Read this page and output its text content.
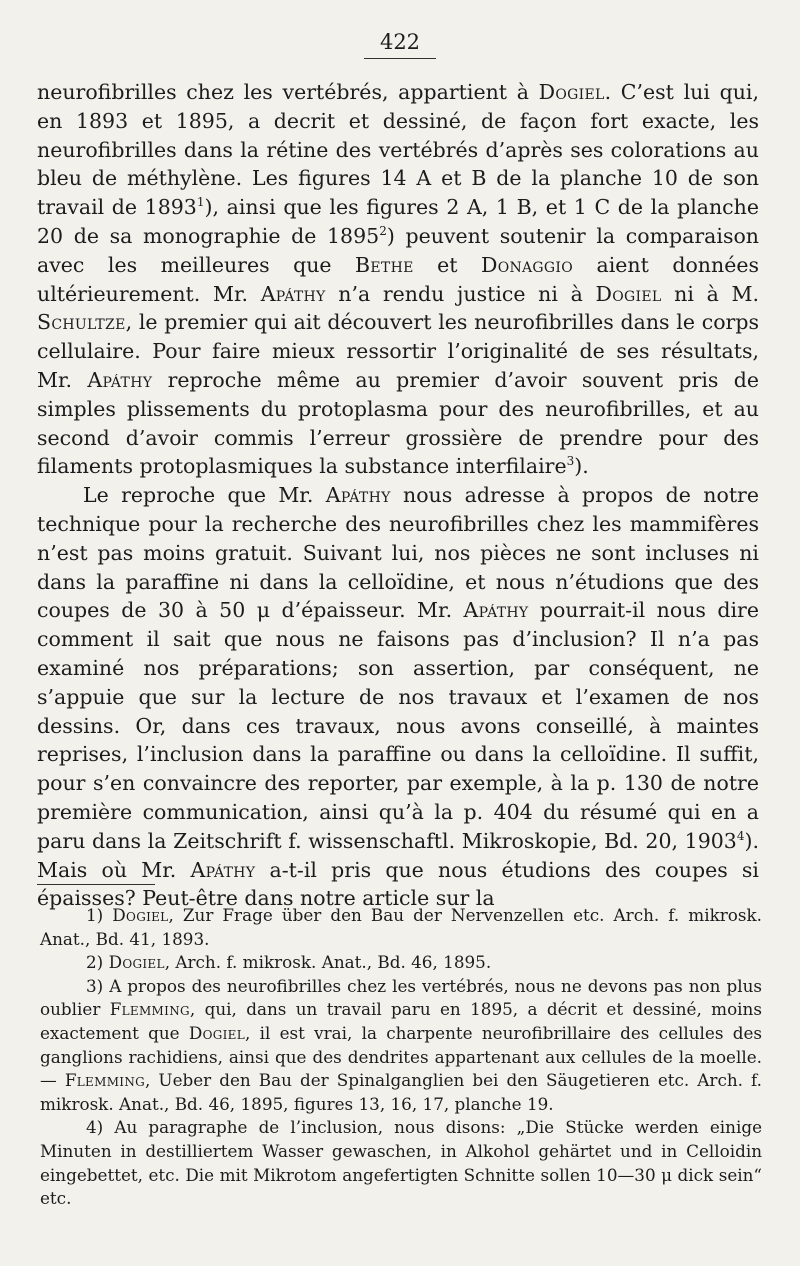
422

neurofibrilles chez les vertébrés, appartient à Dogiel. C’est lui qui, en 1893 et 1895, a decrit et dessiné, de façon fort exacte, les neurofibrilles dans la rétine des vertébrés d’après ses colorations au bleu de méthylène. Les figures 14 A et B de la planche 10 de son travail de 1893$^1$), ainsi que les figures 2 A, 1 B, et 1 C de la planche 20 de sa monographie de 1895$^2$) peuvent soutenir la comparaison avec les meilleures que Bethe et Donaggio aient données ultérieurement. Mr. Apáthy n’a rendu justice ni à Dogiel ni à M. Schultze, le premier qui ait découvert les neurofibrilles dans le corps cellulaire. Pour faire mieux ressortir l’originalité de ses résultats, Mr. Apáthy reproche même au premier d’avoir souvent pris de simples plissements du protoplasma pour des neurofibrilles, et au second d’avoir commis l’erreur grossière de prendre pour des filaments protoplasmiques la substance interfilaire$^3$).

Le reproche que Mr. Apáthy nous adresse à propos de notre technique pour la recherche des neurofibrilles chez les mammifères n’est pas moins gratuit. Suivant lui, nos pièces ne sont incluses ni dans la paraffine ni dans la celloïdine, et nous n’étudions que des coupes de 30 à 50 μ d’épaisseur. Mr. Apáthy pourrait-il nous dire comment il sait que nous ne faisons pas d’inclusion? Il n’a pas examiné nos préparations; son assertion, par conséquent, ne s’appuie que sur la lecture de nos travaux et l’examen de nos dessins. Or, dans ces travaux, nous avons conseillé, à maintes reprises, l’inclusion dans la paraffine ou dans la celloïdine. Il suffit, pour s’en convaincre des reporter, par exemple, à la p. 130 de notre première communication, ainsi qu’à la p. 404 du résumé qui en a paru dans la Zeitschrift f. wissenschaftl. Mikroskopie, Bd. 20, 1903$^4$). Mais où Mr. Apáthy a-t-il pris que nous étudions des coupes si épaisses? Peut-être dans notre article sur la

1) Dogiel, Zur Frage über den Bau der Nervenzellen etc. Arch. f. mikrosk. Anat., Bd. 41, 1893.

2) Dogiel, Arch. f. mikrosk. Anat., Bd. 46, 1895.

3) A propos des neurofibrilles chez les vertébrés, nous ne devons pas non plus oublier Flemming, qui, dans un travail paru en 1895, a décrit et dessiné, moins exactement que Dogiel, il est vrai, la charpente neurofibrillaire des cellules des ganglions rachidiens, ainsi que des dendrites appartenant aux cellules de la moelle. — Flemming, Ueber den Bau der Spinalganglien bei den Säugetieren etc. Arch. f. mikrosk. Anat., Bd. 46, 1895, figures 13, 16, 17, planche 19.

4) Au paragraphe de l’inclusion, nous disons: „Die Stücke werden einige Minuten in destilliertem Wasser gewaschen, in Alkohol gehärtet und in Celloidin eingebettet, etc. Die mit Mikrotom angefertigten Schnitte sollen 10—30 μ dick sein“ etc.
